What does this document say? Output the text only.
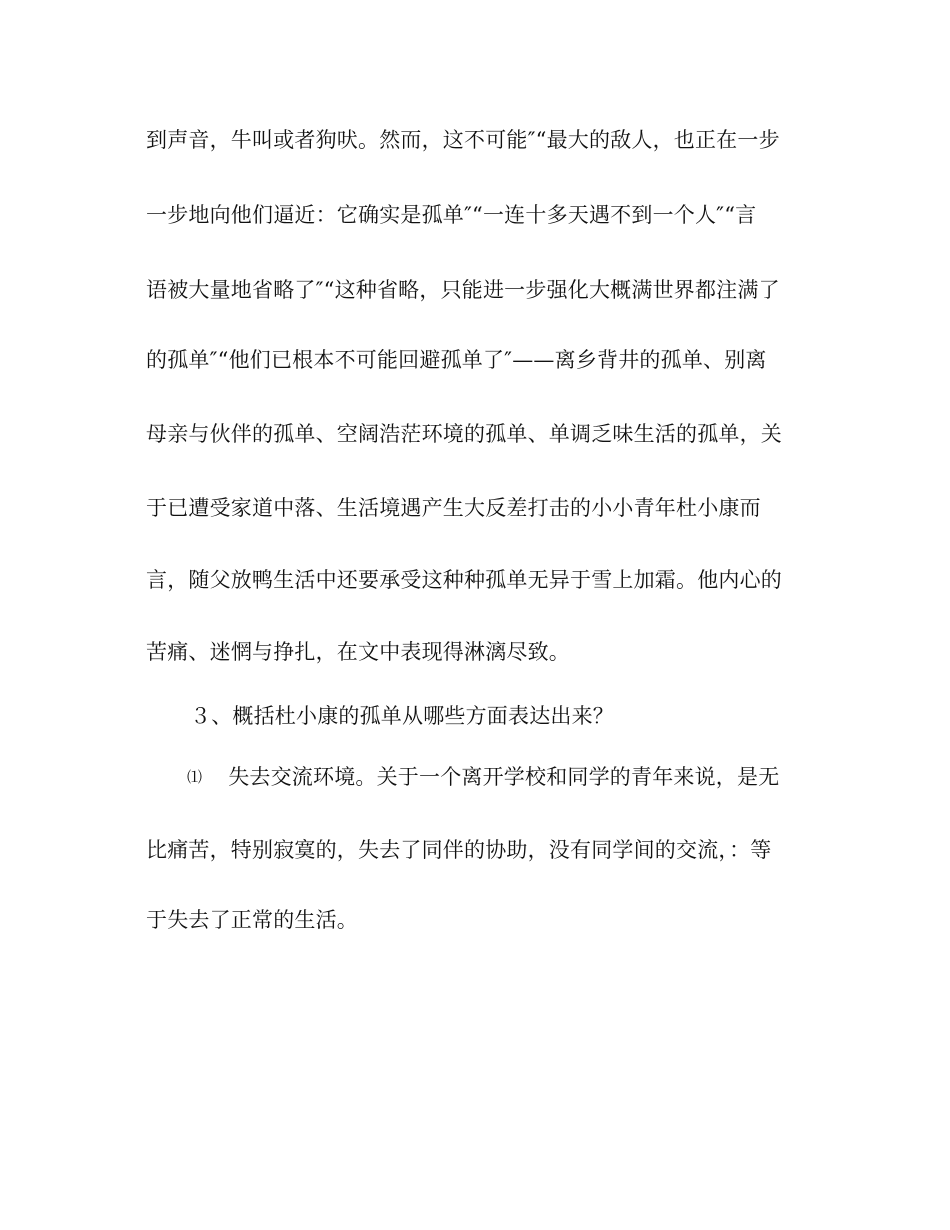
到声音，牛叫或者狗吠。然而，这不可能″“最大的敌人，也正在一步
一步地向他们逼近：它确实是孤单″“一连十多天遇不到一个人″“言
语被大量地省略了″“这种省略，只能进一步强化大概满世界都注满了
的孤单″“他们已根本不可能回避孤单了″——离乡背井的孤单、别离
母亲与伙伴的孤单、空阔浩茫环境的孤单、单调乏味生活的孤单，关
于已遭受家道中落、生活境遇产生大反差打击的小小青年杜小康而
言，随父放鸭生活中还要承受这种种孤单无异于雪上加霜。他内心的
苦痛、迷惘与挣扎，在文中表现得淋漓尽致。
３、概括杜小康的孤单从哪些方面表达出来？
⑴ 失去交流环境。关于一个离开学校和同学的青年来说，是无
比痛苦，特别寂寞的，失去了同伴的协助，没有同学间的交流，：等
于失去了正常的生活。
